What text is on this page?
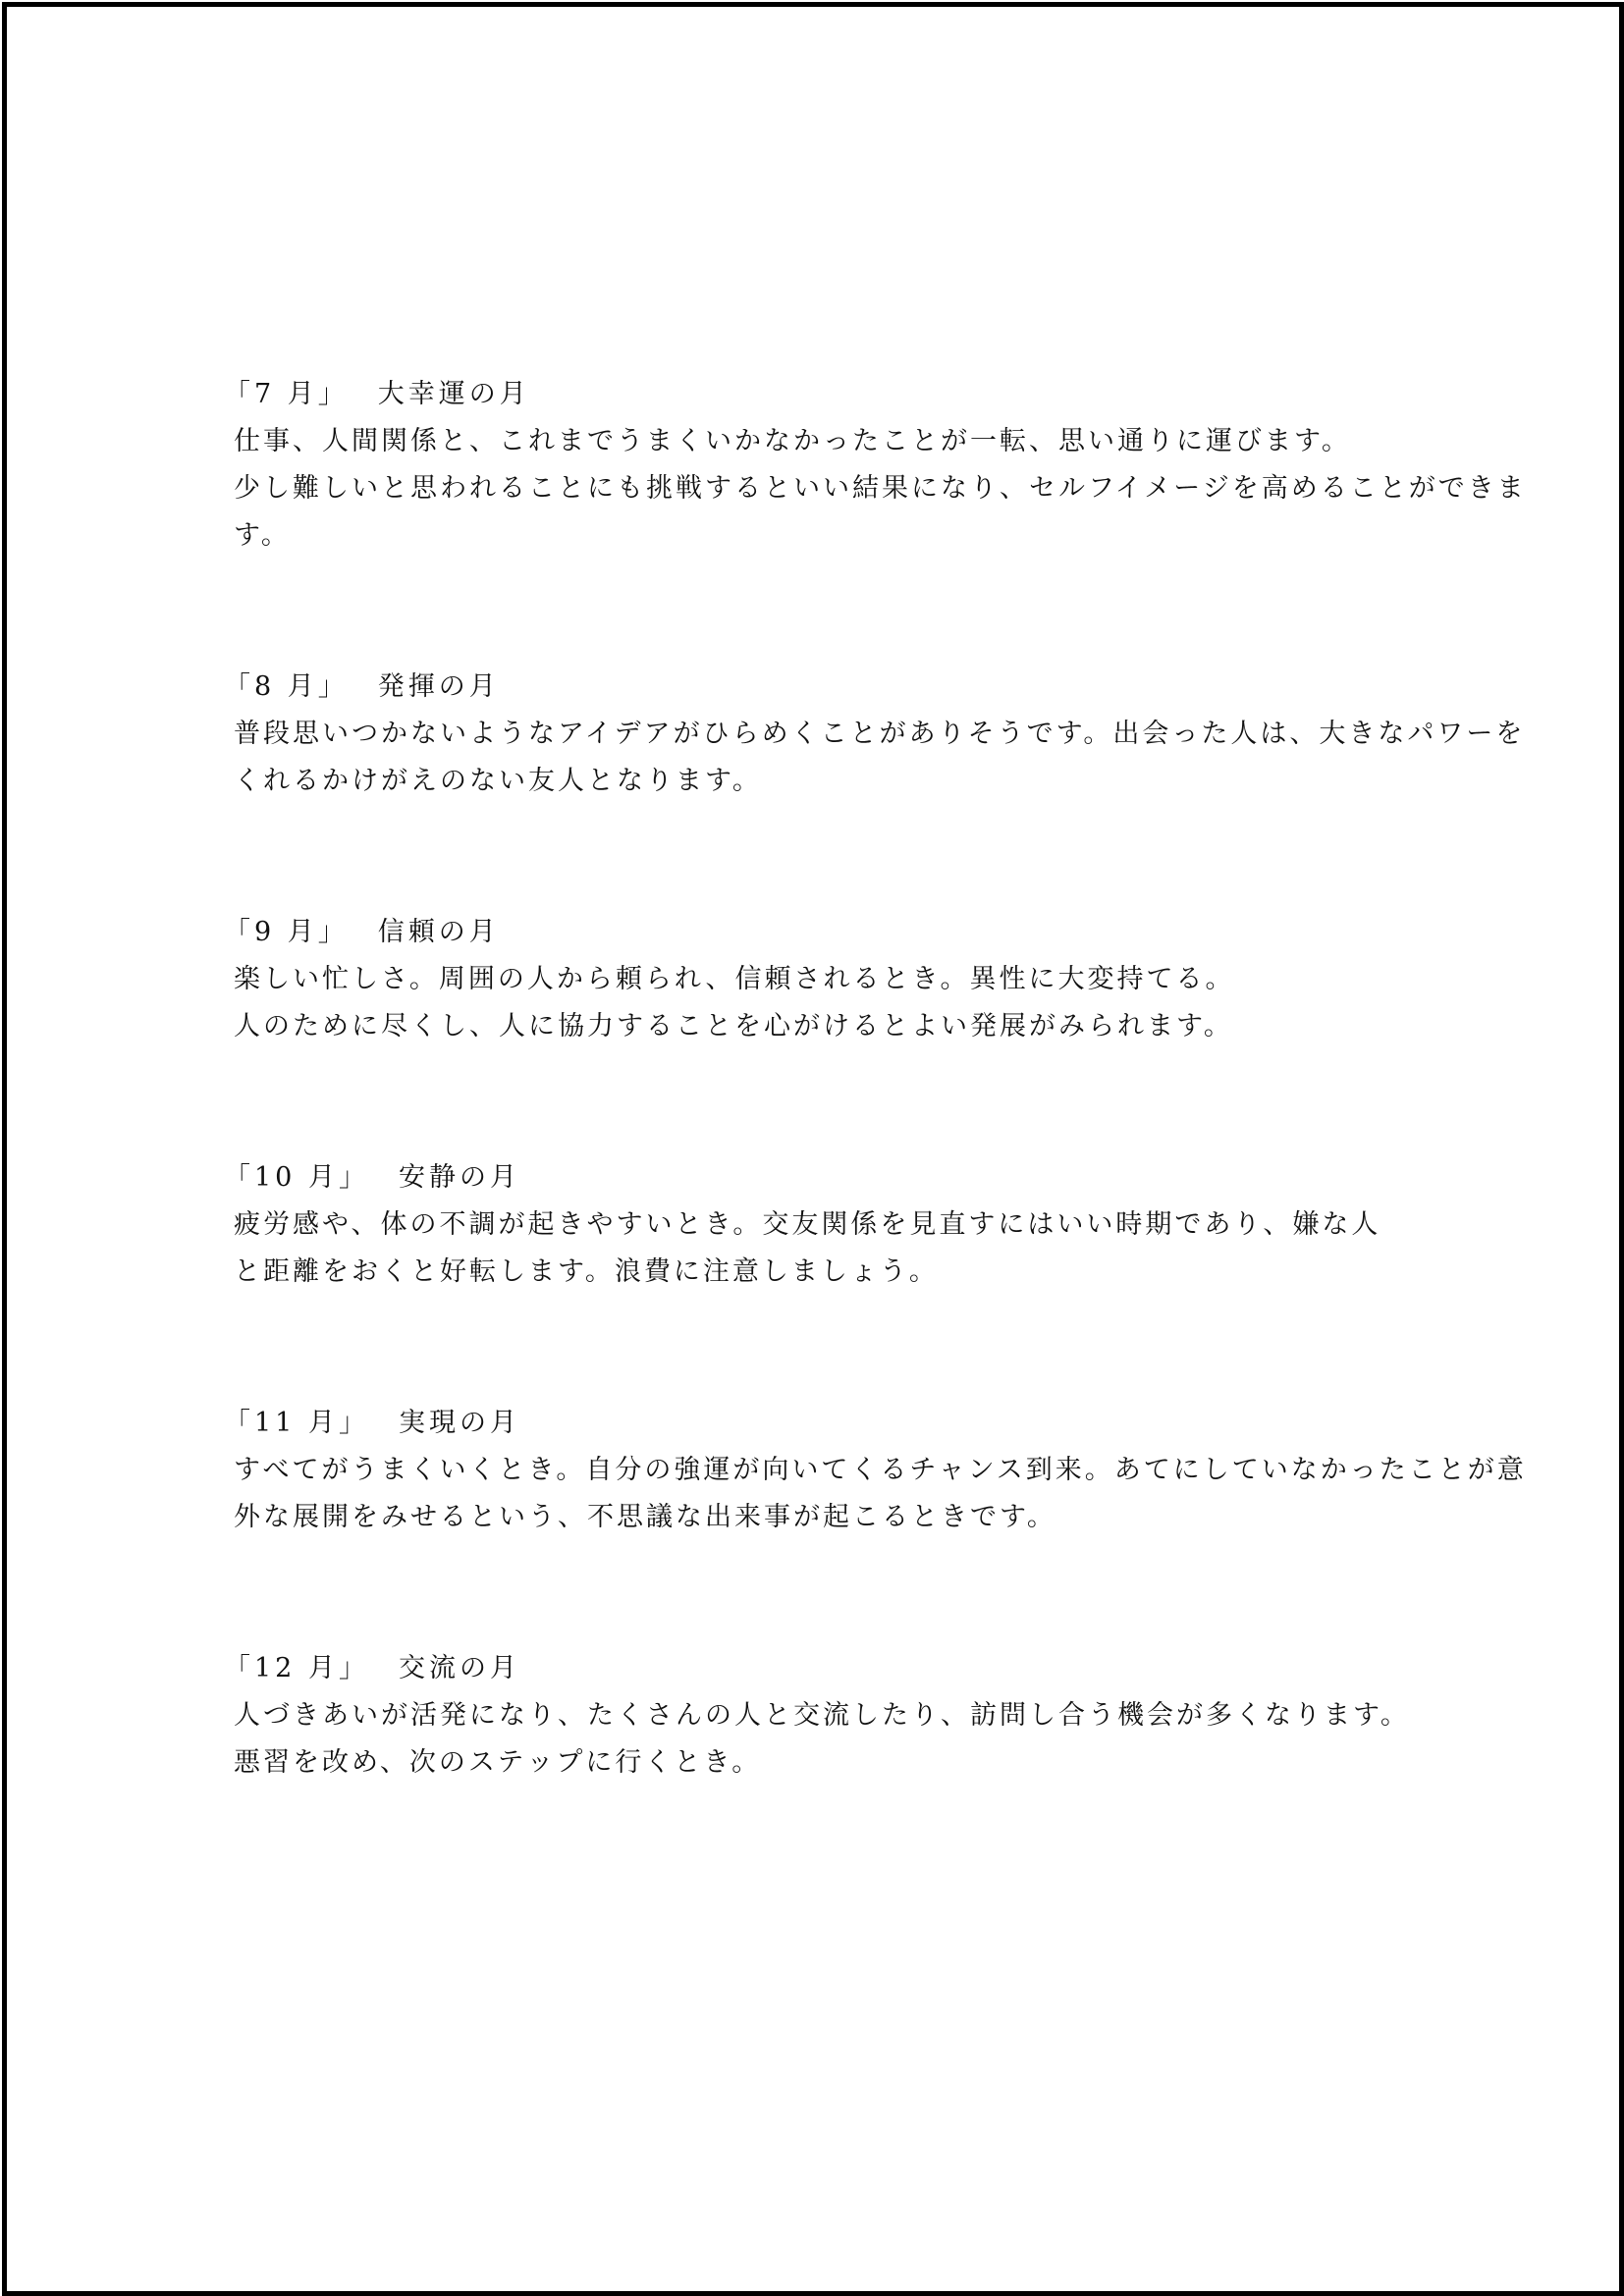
「7 月」 大幸運の月
仕事、人間関係と、これまでうまくいかなかったことが一転、思い通りに運びます。
少し難しいと思われることにも挑戦するといい結果になり、セルフイメージを高めることができま
す。
「8 月」 発揮の月
普段思いつかないようなアイデアがひらめくことがありそうです。出会った人は、大きなパワーを
くれるかけがえのない友人となります。
「9 月」 信頼の月
楽しい忙しさ。周囲の人から頼られ、信頼されるとき。異性に大変持てる。
人のために尽くし、人に協力することを心がけるとよい発展がみられます。
「10 月」 安静の月
疲労感や、体の不調が起きやすいとき。交友関係を見直すにはいい時期であり、嫌な人
と距離をおくと好転します。浪費に注意しましょう。
「11 月」 実現の月
すべてがうまくいくとき。自分の強運が向いてくるチャンス到来。あてにしていなかったことが意
外な展開をみせるという、不思議な出来事が起こるときです。
「12 月」 交流の月
人づきあいが活発になり、たくさんの人と交流したり、訪問し合う機会が多くなります。
悪習を改め、次のステップに行くとき。
